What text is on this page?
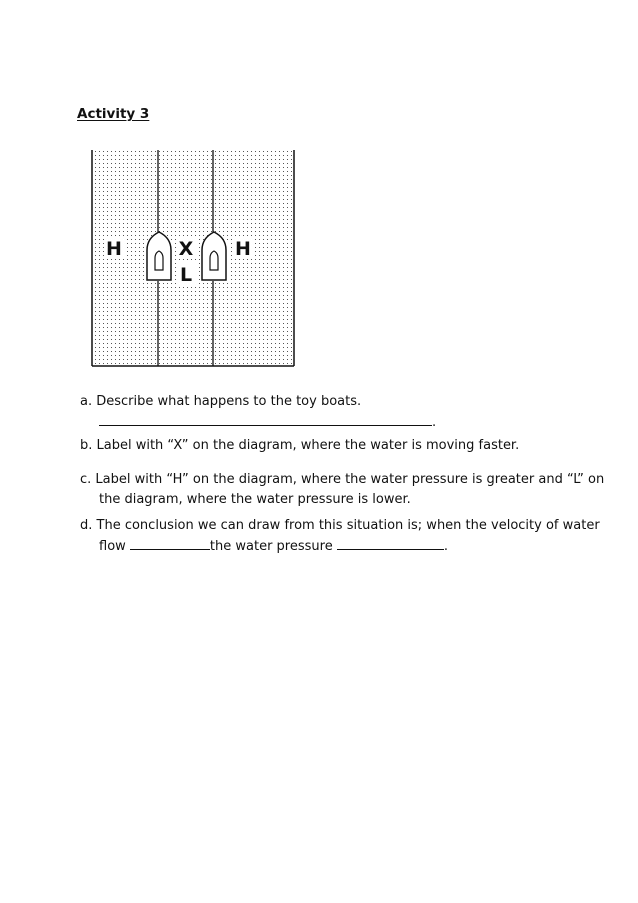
Activity 3
H	X
L
H
a. Describe what happens to the toy boats.
.
b. Label with “X” on the diagram, where the water is moving faster.
c. Label with “H” on the diagram, where the water pressure is greater and “L” on
the diagram, where the water pressure is lower.
d. The conclusion we can draw from this situation is; when the velocity of water
flow	the water pressure	.
